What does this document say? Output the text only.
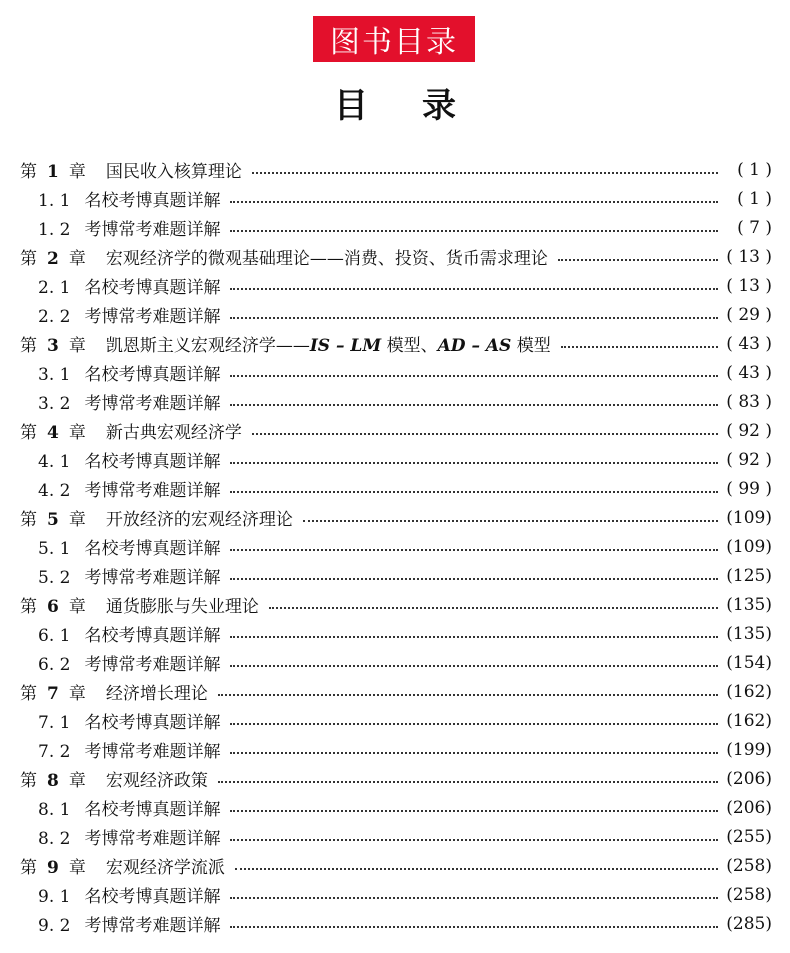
图书目录
目 录
第 1 章 国民收入核算理论	( 1 )
1. 1 名校考博真题详解	( 1 )
1. 2 考博常考难题详解	( 7 )
第 2 章 宏观经济学的微观基础理论——消费、投资、货币需求理论	( 13 )
2. 1 名校考博真题详解	( 13 )
2. 2 考博常考难题详解	( 29 )
第 3 章 凯恩斯主义宏观经济学——IS – LM 模型、AD – AS 模型	( 43 )
3. 1 名校考博真题详解	( 43 )
3. 2 考博常考难题详解	( 83 )
第 4 章 新古典宏观经济学	( 92 )
4. 1 名校考博真题详解	( 92 )
4. 2 考博常考难题详解	( 99 )
第 5 章 开放经济的宏观经济理论	(109)
5. 1 名校考博真题详解	(109)
5. 2 考博常考难题详解	(125)
第 6 章 通货膨胀与失业理论	(135)
6. 1 名校考博真题详解	(135)
6. 2 考博常考难题详解	(154)
第 7 章 经济增长理论	(162)
7. 1 名校考博真题详解	(162)
7. 2 考博常考难题详解	(199)
第 8 章 宏观经济政策	(206)
8. 1 名校考博真题详解	(206)
8. 2 考博常考难题详解	(255)
第 9 章 宏观经济学流派	(258)
9. 1 名校考博真题详解	(258)
9. 2 考博常考难题详解	(285)
